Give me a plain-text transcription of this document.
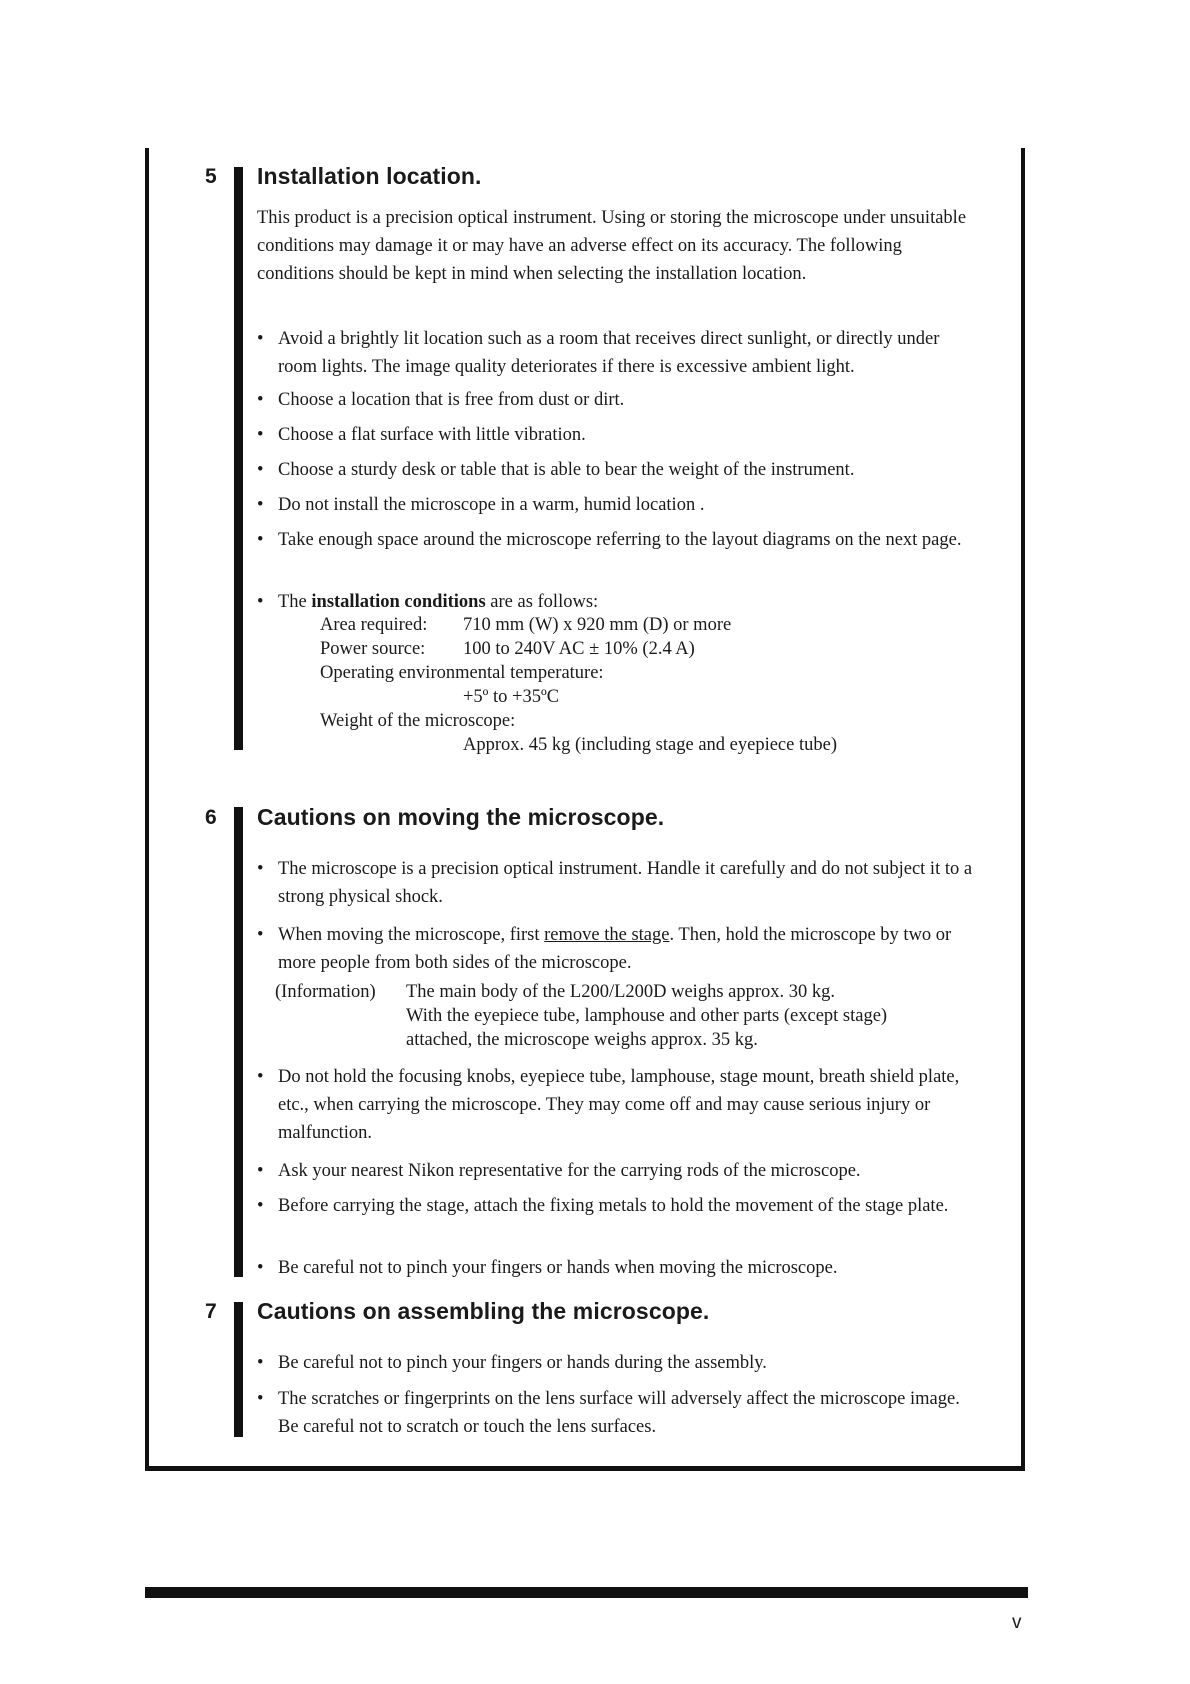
5	Installation location.
This product is a precision optical instrument. Using or storing the microscope under unsuitable conditions may damage it or may have an adverse effect on its accuracy. The following conditions should be kept in mind when selecting the installation location.
• Avoid a brightly lit location such as a room that receives direct sunlight, or directly under room lights. The image quality deteriorates if there is excessive ambient light.
• Choose a location that is free from dust or dirt.
• Choose a flat surface with little vibration.
• Choose a sturdy desk or table that is able to bear the weight of the instrument.
• Do not install the microscope in a warm, humid location .
• Take enough space around the microscope referring to the layout diagrams on the next page.
• The installation conditions are as follows:
Area required: 710 mm (W) x 920 mm (D) or more
Power source: 100 to 240V AC ± 10% (2.4 A)
Operating environmental temperature:
+5º to +35ºC
Weight of the microscope:
Approx. 45 kg (including stage and eyepiece tube)
6	Cautions on moving the microscope.
• The microscope is a precision optical instrument. Handle it carefully and do not subject it to a strong physical shock.
• When moving the microscope, first remove the stage. Then, hold the microscope by two or more people from both sides of the microscope.
(Information) The main body of the L200/L200D weighs approx. 30 kg.
With the eyepiece tube, lamphouse and other parts (except stage)
attached, the microscope weighs approx. 35 kg.
• Do not hold the focusing knobs, eyepiece tube, lamphouse, stage mount, breath shield plate, etc., when carrying the microscope. They may come off and may cause serious injury or malfunction.
• Ask your nearest Nikon representative for the carrying rods of the microscope.
• Before carrying the stage, attach the fixing metals to hold the movement of the stage plate.
• Be careful not to pinch your fingers or hands when moving the microscope.
7	Cautions on assembling the microscope.
• Be careful not to pinch your fingers or hands during the assembly.
• The scratches or fingerprints on the lens surface will adversely affect the microscope image. Be careful not to scratch or touch the lens surfaces.
v
